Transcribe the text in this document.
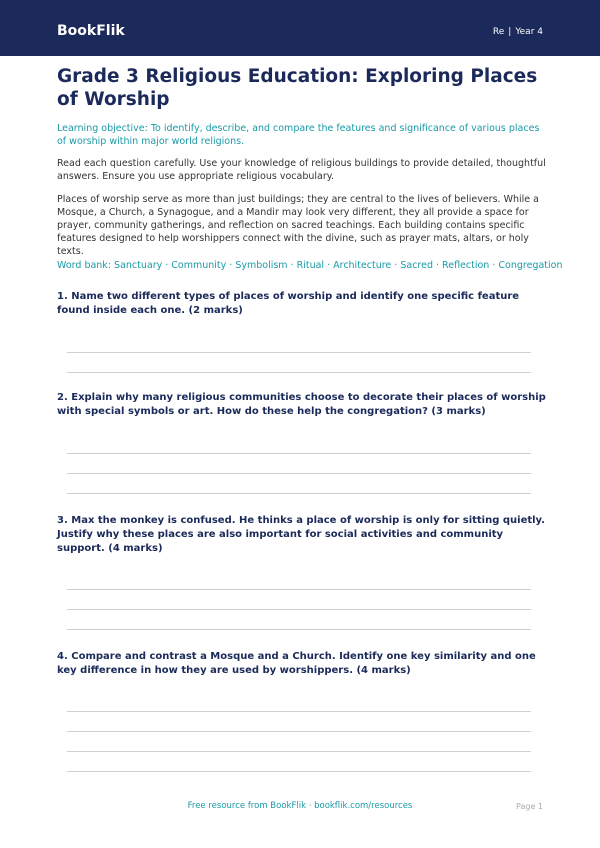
BookFlik	Re | Year 4
Grade 3 Religious Education: Exploring Places of Worship
Learning objective: To identify, describe, and compare the features and significance of various places of worship within major world religions.
Read each question carefully. Use your knowledge of religious buildings to provide detailed, thoughtful answers. Ensure you use appropriate religious vocabulary.
Places of worship serve as more than just buildings; they are central to the lives of believers. While a Mosque, a Church, a Synagogue, and a Mandir may look very different, they all provide a space for prayer, community gatherings, and reflection on sacred teachings. Each building contains specific features designed to help worshippers connect with the divine, such as prayer mats, altars, or holy texts.
Word bank: Sanctuary · Community · Symbolism · Ritual · Architecture · Sacred · Reflection · Congregation
1. Name two different types of places of worship and identify one specific feature found inside each one. (2 marks)
2. Explain why many religious communities choose to decorate their places of worship with special symbols or art. How do these help the congregation? (3 marks)
3. Max the monkey is confused. He thinks a place of worship is only for sitting quietly. Justify why these places are also important for social activities and community support. (4 marks)
4. Compare and contrast a Mosque and a Church. Identify one key similarity and one key difference in how they are used by worshippers. (4 marks)
Free resource from BookFlik · bookflik.com/resources	Page 1
